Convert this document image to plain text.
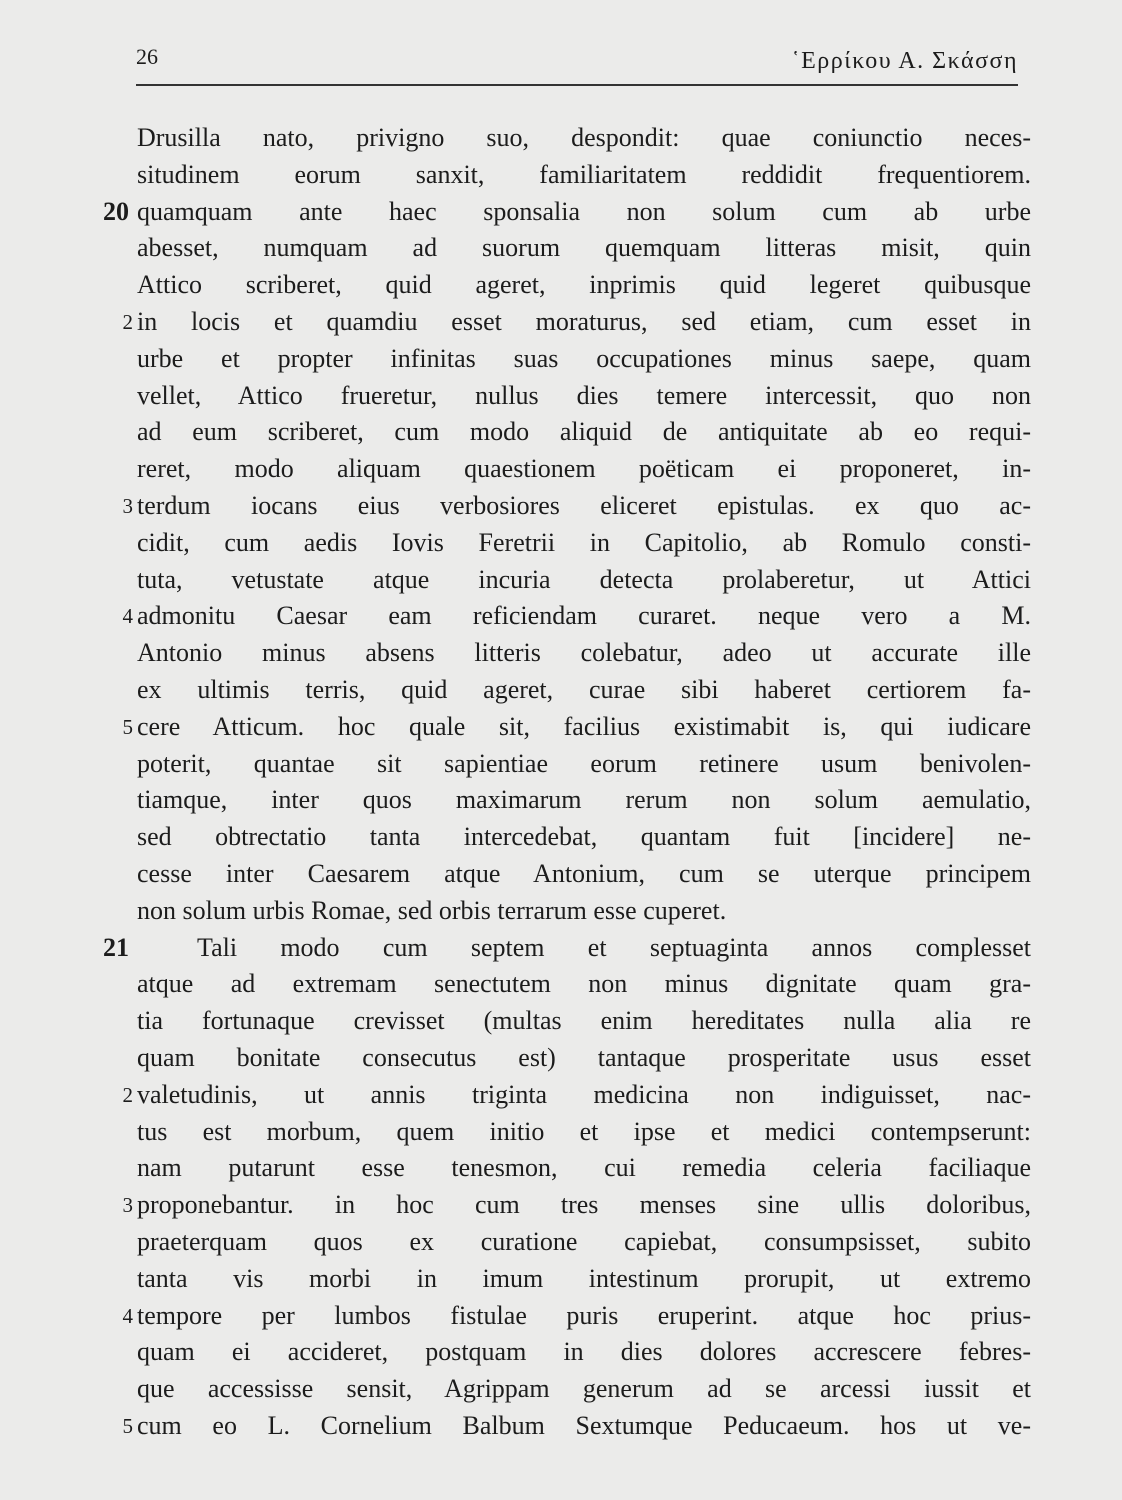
26	῾Ερρίκου Α. Σκάσση
Drusilla nato, privigno suo, despondit: quae coniunctio neces-
situdinem eorum sanxit, familiaritatem reddidit frequentiorem.
20 quamquam ante haec sponsalia non solum cum ab urbe
abesset, numquam ad suorum quemquam litteras misit, quin
Attico scriberet, quid ageret, inprimis quid legeret quibusque
2 in locis et quamdiu esset moraturus, sed etiam, cum esset in
urbe et propter infinitas suas occupationes minus saepe, quam
vellet, Attico frueretur, nullus dies temere intercessit, quo non
ad eum scriberet, cum modo aliquid de antiquitate ab eo requi-
reret, modo aliquam quaestionem poëticam ei proponeret, in-
3 terdum iocans eius verbosiores eliceret epistulas. ex quo ac-
cidit, cum aedis Iovis Feretrii in Capitolio, ab Romulo consti-
tuta, vetustate atque incuria detecta prolaberetur, ut Attici
4 admonitu Caesar eam reficiendam curaret. neque vero a M.
Antonio minus absens litteris colebatur, adeo ut accurate ille
ex ultimis terris, quid ageret, curae sibi haberet certiorem fa-
5 cere Atticum. hoc quale sit, facilius existimabit is, qui iudicare
poterit, quantae sit sapientiae eorum retinere usum benivolen-
tiamque, inter quos maximarum rerum non solum aemulatio,
sed obtrectatio tanta intercedebat, quantam fuit [incidere] ne-
cesse inter Caesarem atque Antonium, cum se uterque principem
non solum urbis Romae, sed orbis terrarum esse cuperet.
21	Tali modo cum septem et septuaginta annos complesset
atque ad extremam senectutem non minus dignitate quam gra-
tia fortunaque crevisset (multas enim hereditates nulla alia re
quam bonitate consecutus est) tantaque prosperitate usus esset
2 valetudinis, ut annis triginta medicina non indiguisset, nac-
tus est morbum, quem initio et ipse et medici contempserunt:
nam putarunt esse tenesmon, cui remedia celeria faciliaque
3 proponebantur. in hoc cum tres menses sine ullis doloribus,
praeterquam quos ex curatione capiebat, consumpsisset, subito
tanta vis morbi in imum intestinum prorupit, ut extremo
4 tempore per lumbos fistulae puris eruperint. atque hoc prius-
quam ei accideret, postquam in dies dolores accrescere febres-
que accessisse sensit, Agrippam generum ad se arcessi iussit et
5 cum eo L. Cornelium Balbum Sextumque Peducaeum. hos ut ve-
